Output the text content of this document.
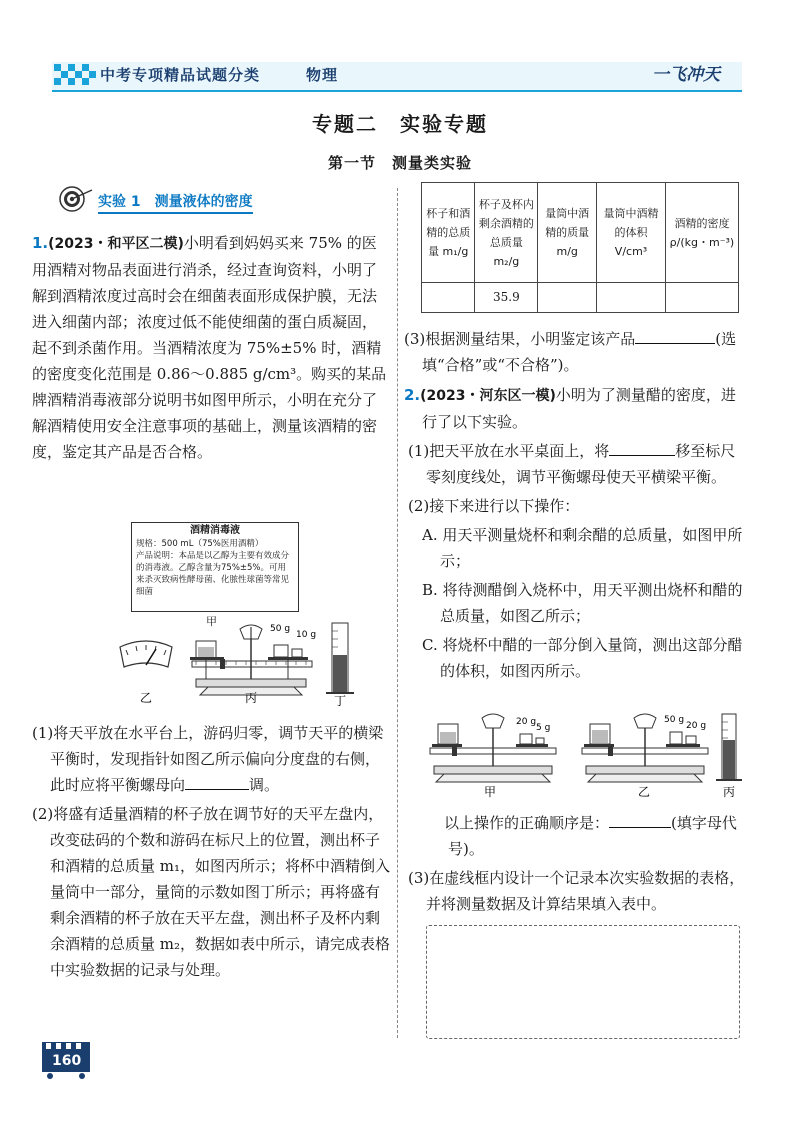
中考专项精品试题分类	物理	一飞冲天
专题二　实验专题
第一节　测量类实验
实验 1　测量液体的密度

1.(2023・和平区二模)小明看到妈妈买来 75% 的医用酒精对物品表面进行消杀，经过查询资料，小明了解到酒精浓度过高时会在细菌表面形成保护膜，无法进入细菌内部；浓度过低不能使细菌的蛋白质凝固，起不到杀菌作用。当酒精浓度为 75%±5% 时，酒精的密度变化范围是 0.86～0.885 g/cm³。购买的某品牌酒精消毒液部分说明书如图甲所示，小明在充分了解酒精使用安全注意事项的基础上，测量该酒精的密度，鉴定其产品是否合格。

酒精消毒液
规格：500 mL（75%医用酒精）
产品说明：本品是以乙醇为主要有效成分的消毒液。乙醇含量为75%±5%。可用来杀灭致病性酵母菌、化脓性球菌等常见细菌
甲
乙
50 g
10 g
丙	丁

(1)将天平放在水平台上，游码归零，调节天平的横梁平衡时，发现指针如图乙所示偏向分度盘的右侧，此时应将平衡螺母向	调。

(2)将盛有适量酒精的杯子放在调节好的天平左盘内，改变砝码的个数和游码在标尺上的位置，测出杯子和酒精的总质量 m₁，如图丙所示；将杯中酒精倒入量筒中一部分，量筒的示数如图丁所示；再将盛有剩余酒精的杯子放在天平左盘，测出杯子及杯内剩余酒精的总质量 m₂，数据如表中所示，请完成表格中实验数据的记录与处理。

杯子和酒精的总质量 m₁/g	杯子及杯内剩余酒精的总质量 m₂/g	量筒中酒精的质量 m/g	量筒中酒精的体积 V/cm³	酒精的密度 ρ/(kg・m⁻³)
	35.9			

(3)根据测量结果，小明鉴定该产品	(选填“合格”或“不合格”)。

2.(2023・河东区一模)小明为了测量醋的密度，进行了以下实验。

(1)把天平放在水平桌面上，将	移至标尺零刻度线处，调节平衡螺母使天平横梁平衡。

(2)接下来进行以下操作：

A. 用天平测量烧杯和剩余醋的总质量，如图甲所示；

B. 将待测醋倒入烧杯中，用天平测出烧杯和醋的总质量，如图乙所示；

C. 将烧杯中醋的一部分倒入量筒，测出这部分醋的体积，如图丙所示。

20 g
5 g
甲
50 g
20 g
乙	丙

以上操作的正确顺序是：	(填字母代号)。

(3)在虚线框内设计一个记录本次实验数据的表格，并将测量数据及计算结果填入表中。

160
